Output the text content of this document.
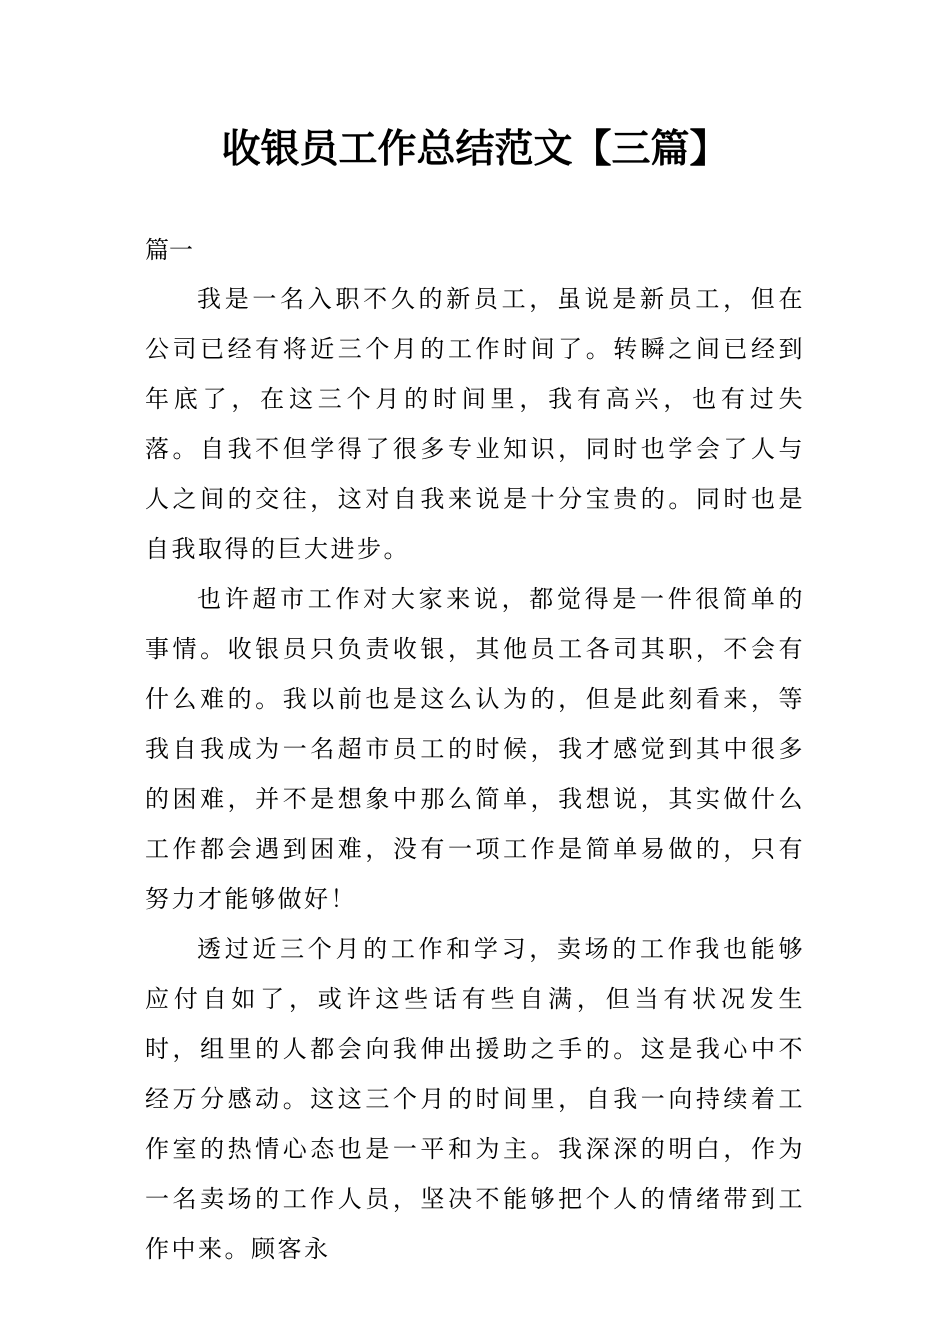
收银员工作总结范文【三篇】
篇一

我是一名入职不久的新员工，虽说是新员工，但在公司已经有将近三个月的工作时间了。转瞬之间已经到年底了，在这三个月的时间里，我有高兴，也有过失落。自我不但学得了很多专业知识，同时也学会了人与人之间的交往，这对自我来说是十分宝贵的。同时也是自我取得的巨大进步。

也许超市工作对大家来说，都觉得是一件很简单的事情。收银员只负责收银，其他员工各司其职，不会有什么难的。我以前也是这么认为的，但是此刻看来，等我自我成为一名超市员工的时候，我才感觉到其中很多的困难，并不是想象中那么简单，我想说，其实做什么工作都会遇到困难，没有一项工作是简单易做的，只有努力才能够做好！

透过近三个月的工作和学习，卖场的工作我也能够应付自如了，或许这些话有些自满，但当有状况发生时，组里的人都会向我伸出援助之手的。这是我心中不经万分感动。这这三个月的时间里，自我一向持续着工作室的热情心态也是一平和为主。我深深的明白，作为一名卖场的工作人员，坚决不能够把个人的情绪带到工作中来。顾客永
